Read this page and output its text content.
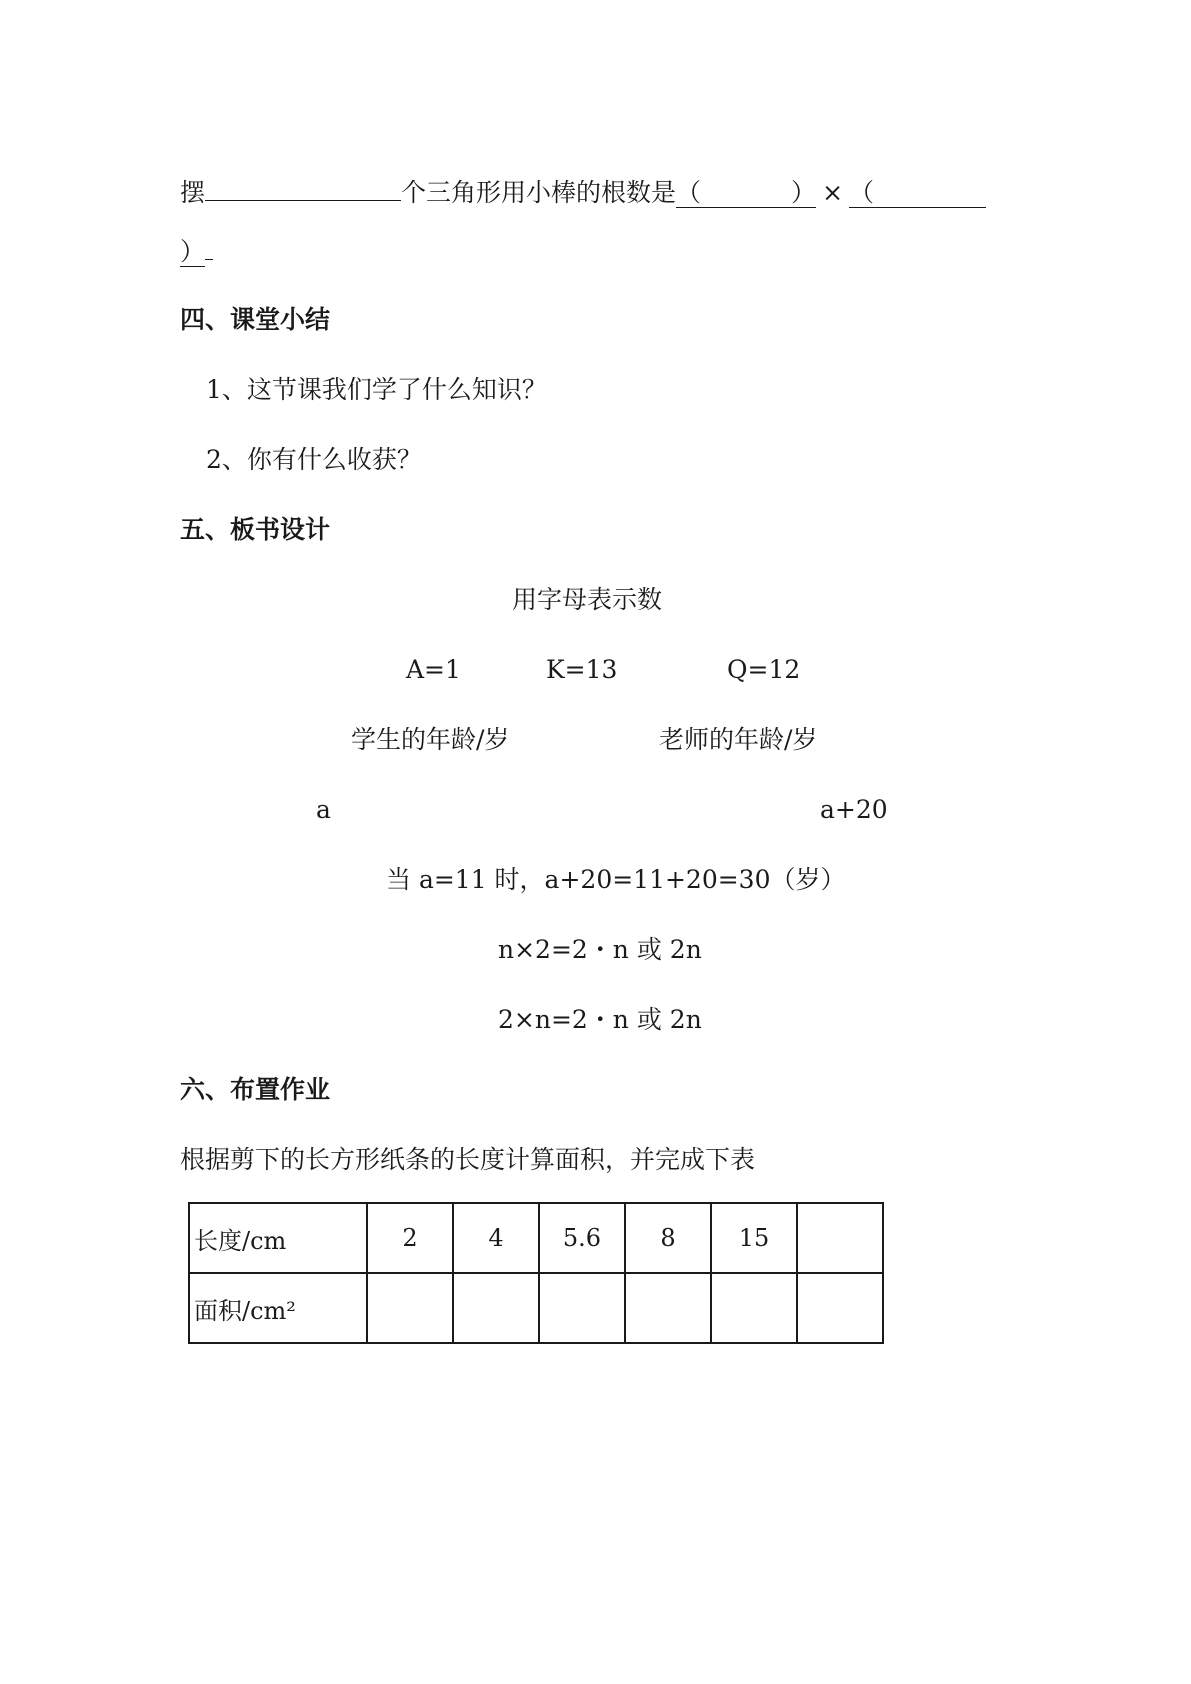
摆	个三角形用小棒的根数是（	） × （
）
四、课堂小结
1、这节课我们学了什么知识？
2、你有什么收获？
五、板书设计
用字母表示数
A=1	K=13	Q=12
学生的年龄/岁	老师的年龄/岁
a	a+20
当 a=11 时，a+20=11+20=30（岁）
n×2=2・n 或 2n
2×n=2・n 或 2n
六、布置作业
根据剪下的长方形纸条的长度计算面积，并完成下表
长度/cm	2	4	5.6	8	15	
面积/cm²						
